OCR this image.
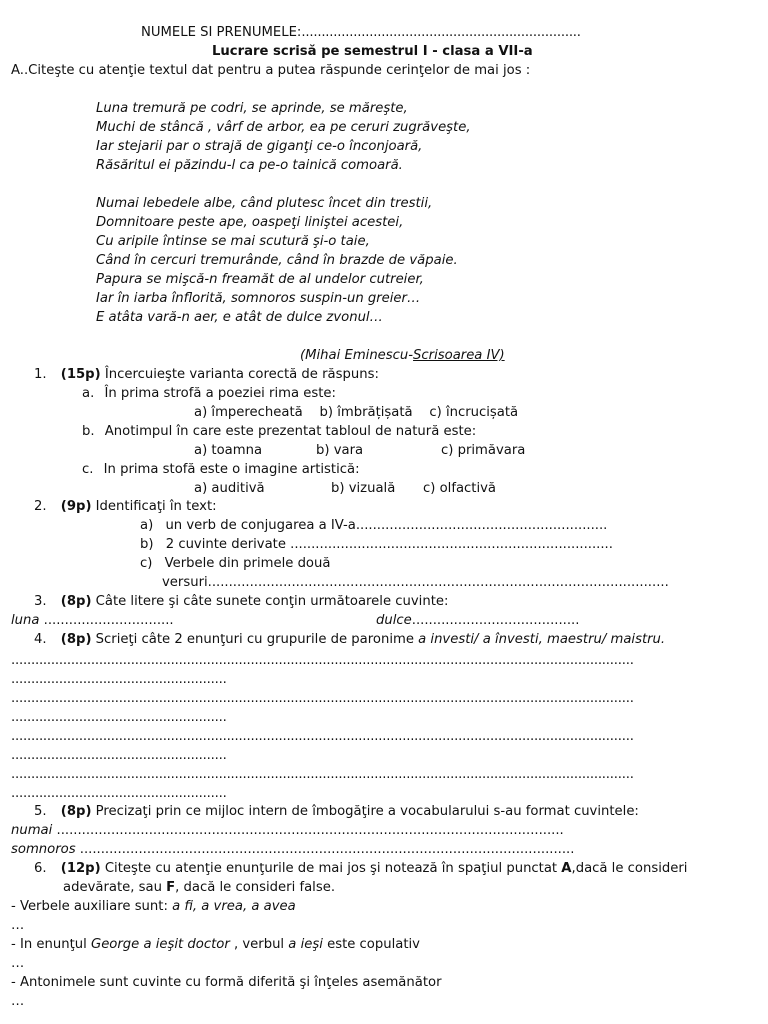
NUMELE SI PRENUMELE:......................................................................
Lucrare scrisă pe semestrul I - clasa a VII-a
A..Citeşte cu atenţie textul dat pentru a putea răspunde cerinţelor de mai jos :
Luna tremură pe codri, se aprinde, se măreşte,
Muchi de stâncă , vârf de arbor, ea pe ceruri zugrăveşte,
Iar stejarii par o strajă de giganţi ce-o înconjoară,
Răsăritul ei păzindu-l ca pe-o tainică comoară.
Numai lebedele albe, când plutesc încet din trestii,
Domnitoare peste ape, oaspeţi liniştei acestei,
Cu aripile întinse se mai scutură şi-o taie,
Când în cercuri tremurânde, când în brazde de văpaie.
Papura se mişcă-n freamăt de al undelor cutreier,
Iar în iarba înflorită, somnoros suspin-un greier…
E atâta vară-n aer, e atât de dulce zvonul…
(Mihai Eminescu-Scrisoarea IV)
1. (15p) Încercuieşte varianta corectă de răspuns:
a. În prima strofă a poeziei rima este:
a) împerecheată    b) îmbrățișată    c) încrucișată
b. Anotimpul în care este prezentat tabloul de natură este:
a) toamna	b) vara	c) primăvara
c. In prima stofă este o imagine artistică:
a) auditivă	b) vizuală c) olfactivă
2. (9p) Identificaţi în text:
a) un verb de conjugarea a IV-a............................................................
b) 2 cuvinte derivate .............................................................................
c) Verbele din primele două
versuri..............................................................................................................
3. (8p) Câte litere şi câte sunete conţin următoarele cuvinte:
luna ...............................	dulce........................................
4. (8p) Scrieţi câte 2 enunţuri cu grupurile de paronime a investi/ a învesti, maestru/ maistru.
............................................................................................................................................................
......................................................
............................................................................................................................................................
......................................................
............................................................................................................................................................
......................................................
............................................................................................................................................................
......................................................
5. (8p) Precizaţi prin ce mijloc intern de îmbogăţire a vocabularului s-au format cuvintele:
numai .........................................................................................................................
somnoros ......................................................................................................................
6. (12p) Citeşte cu atenţie enunţurile de mai jos şi notează în spaţiul punctat A,dacă le consideri
adevărate, sau F, dacă le consideri false.
- Verbele auxiliare sunt: a fi, a vrea, a avea
…
- In enunţul George a ieşit doctor , verbul a ieşi este copulativ
…
- Antonimele sunt cuvinte cu formă diferită şi înţeles asemănător
…
